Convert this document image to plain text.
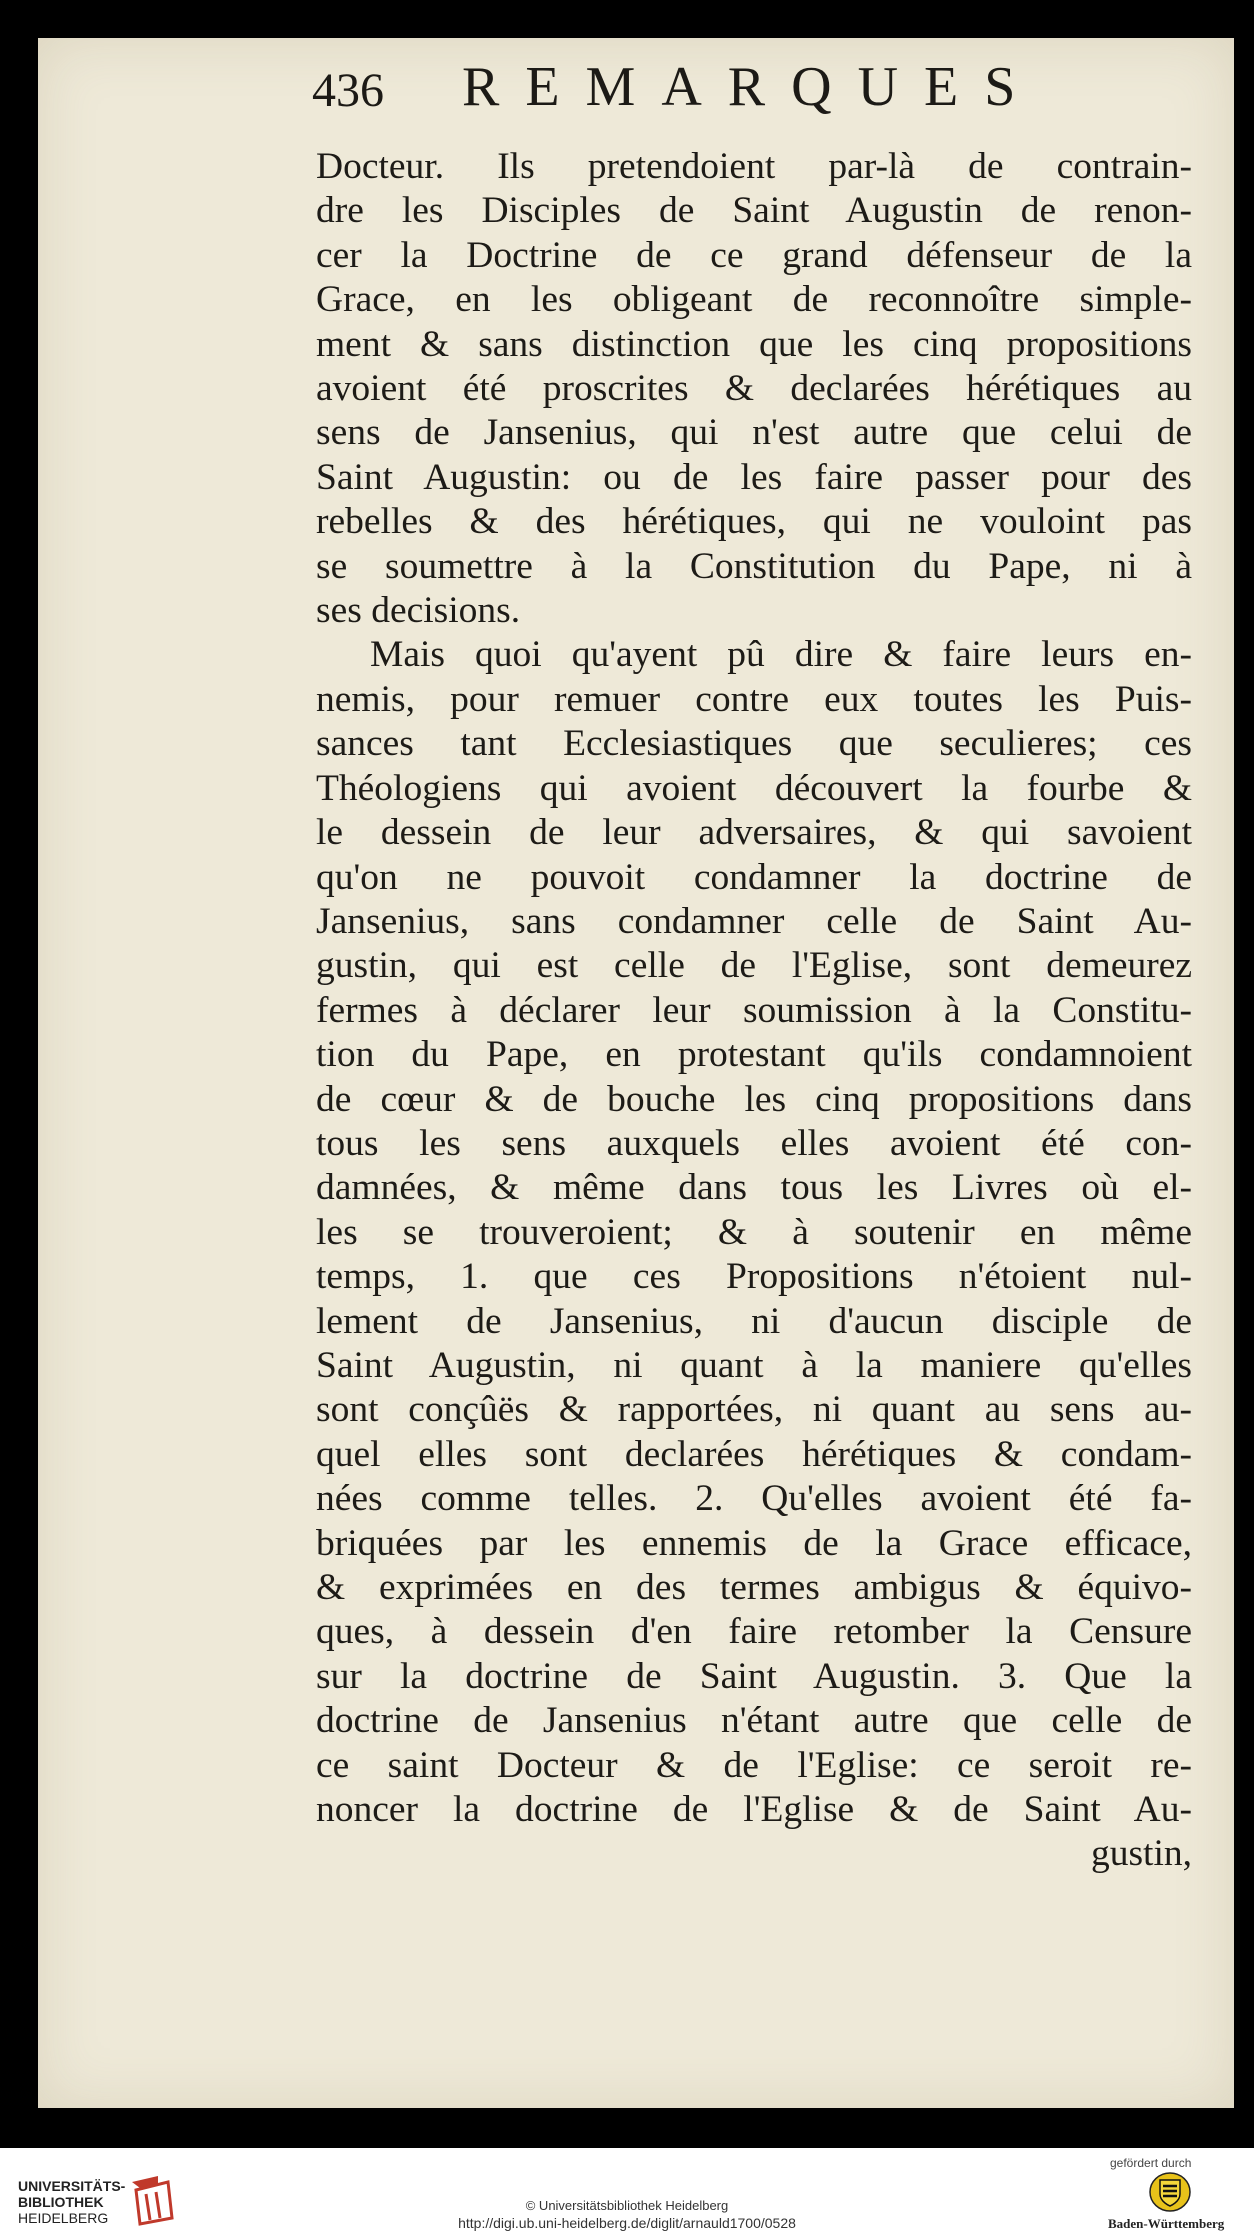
436 REMARQUES
Docteur. Ils pretendoient par-là de contrain-
dre les Disciples de Saint Augustin de renon-
cer la Doctrine de ce grand défenseur de la
Grace, en les obligeant de reconnoître simple-
ment & sans distinction que les cinq propositions
avoient été proscrites & declarées hérétiques au
sens de Jansenius, qui n'est autre que celui de
Saint Augustin: ou de les faire passer pour des
rebelles & des hérétiques, qui ne vouloint pas
se soumettre à la Constitution du Pape, ni à
ses decisions.
Mais quoi qu'ayent pû dire & faire leurs en-
nemis, pour remuer contre eux toutes les Puis-
sances tant Ecclesiastiques que seculieres; ces
Théologiens qui avoient découvert la fourbe &
le dessein de leur adversaires, & qui savoient
qu'on ne pouvoit condamner la doctrine de
Jansenius, sans condamner celle de Saint Au-
gustin, qui est celle de l'Eglise, sont demeurez
fermes à déclarer leur soumission à la Constitu-
tion du Pape, en protestant qu'ils condamnoient
de cœur & de bouche les cinq propositions dans
tous les sens auxquels elles avoient été con-
damnées, & même dans tous les Livres où el-
les se trouveroient; & à soutenir en même
temps, 1. que ces Propositions n'étoient nul-
lement de Jansenius, ni d'aucun disciple de
Saint Augustin, ni quant à la maniere qu'elles
sont conçûës & rapportées, ni quant au sens au-
quel elles sont declarées hérétiques & condam-
nées comme telles. 2. Qu'elles avoient été fa-
briquées par les ennemis de la Grace efficace,
& exprimées en des termes ambigus & équivo-
ques, à dessein d'en faire retomber la Censure
sur la doctrine de Saint Augustin. 3. Que la
doctrine de Jansenius n'étant autre que celle de
ce saint Docteur & de l'Eglise: ce seroit re-
noncer la doctrine de l'Eglise & de Saint Au-
gustin,
UNIVERSITÄTS-
BIBLIOTHEK
HEIDELBERG
© Universitätsbibliothek Heidelberg
http://digi.ub.uni-heidelberg.de/diglit/arnauld1700/0528
gefördert durch
Baden-Württemberg
